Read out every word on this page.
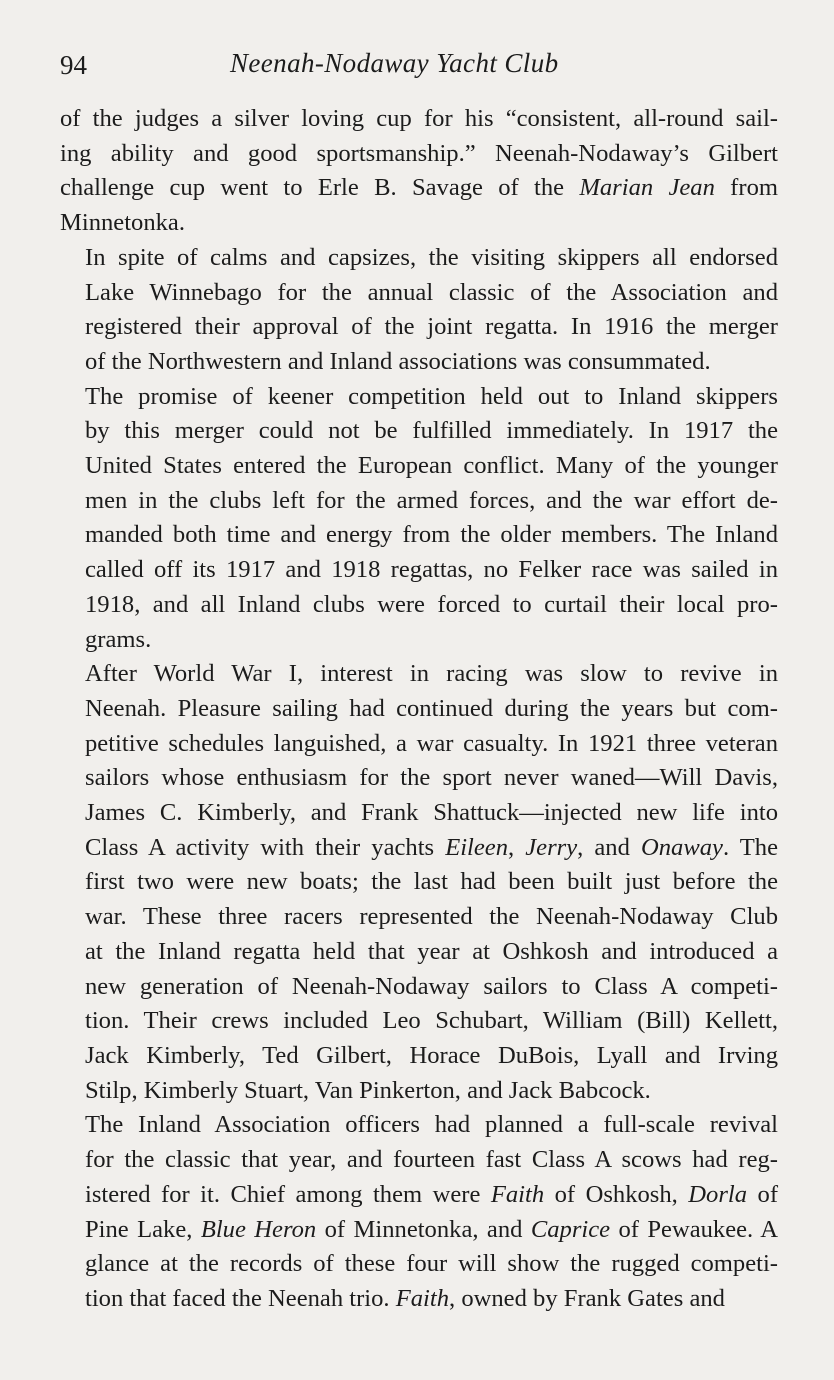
94	Neenah-Nodaway Yacht Club

of the judges a silver loving cup for his “consistent, all-round sail-
ing ability and good sportsmanship.” Neenah-Nodaway’s Gilbert
challenge cup went to Erle B. Savage of the Marian Jean from
Minnetonka.

In spite of calms and capsizes, the visiting skippers all endorsed
Lake Winnebago for the annual classic of the Association and
registered their approval of the joint regatta. In 1916 the merger
of the Northwestern and Inland associations was consummated.

The promise of keener competition held out to Inland skippers
by this merger could not be fulfilled immediately. In 1917 the
United States entered the European conflict. Many of the younger
men in the clubs left for the armed forces, and the war effort de-
manded both time and energy from the older members. The Inland
called off its 1917 and 1918 regattas, no Felker race was sailed in
1918, and all Inland clubs were forced to curtail their local pro-
grams.

After World War I, interest in racing was slow to revive in
Neenah. Pleasure sailing had continued during the years but com-
petitive schedules languished, a war casualty. In 1921 three veteran
sailors whose enthusiasm for the sport never waned—Will Davis,
James C. Kimberly, and Frank Shattuck—injected new life into
Class A activity with their yachts Eileen, Jerry, and Onaway. The
first two were new boats; the last had been built just before the
war. These three racers represented the Neenah-Nodaway Club
at the Inland regatta held that year at Oshkosh and introduced a
new generation of Neenah-Nodaway sailors to Class A competi-
tion. Their crews included Leo Schubart, William (Bill) Kellett,
Jack Kimberly, Ted Gilbert, Horace DuBois, Lyall and Irving
Stilp, Kimberly Stuart, Van Pinkerton, and Jack Babcock.

The Inland Association officers had planned a full-scale revival
for the classic that year, and fourteen fast Class A scows had reg-
istered for it. Chief among them were Faith of Oshkosh, Dorla of
Pine Lake, Blue Heron of Minnetonka, and Caprice of Pewaukee. A
glance at the records of these four will show the rugged competi-
tion that faced the Neenah trio. Faith, owned by Frank Gates and
